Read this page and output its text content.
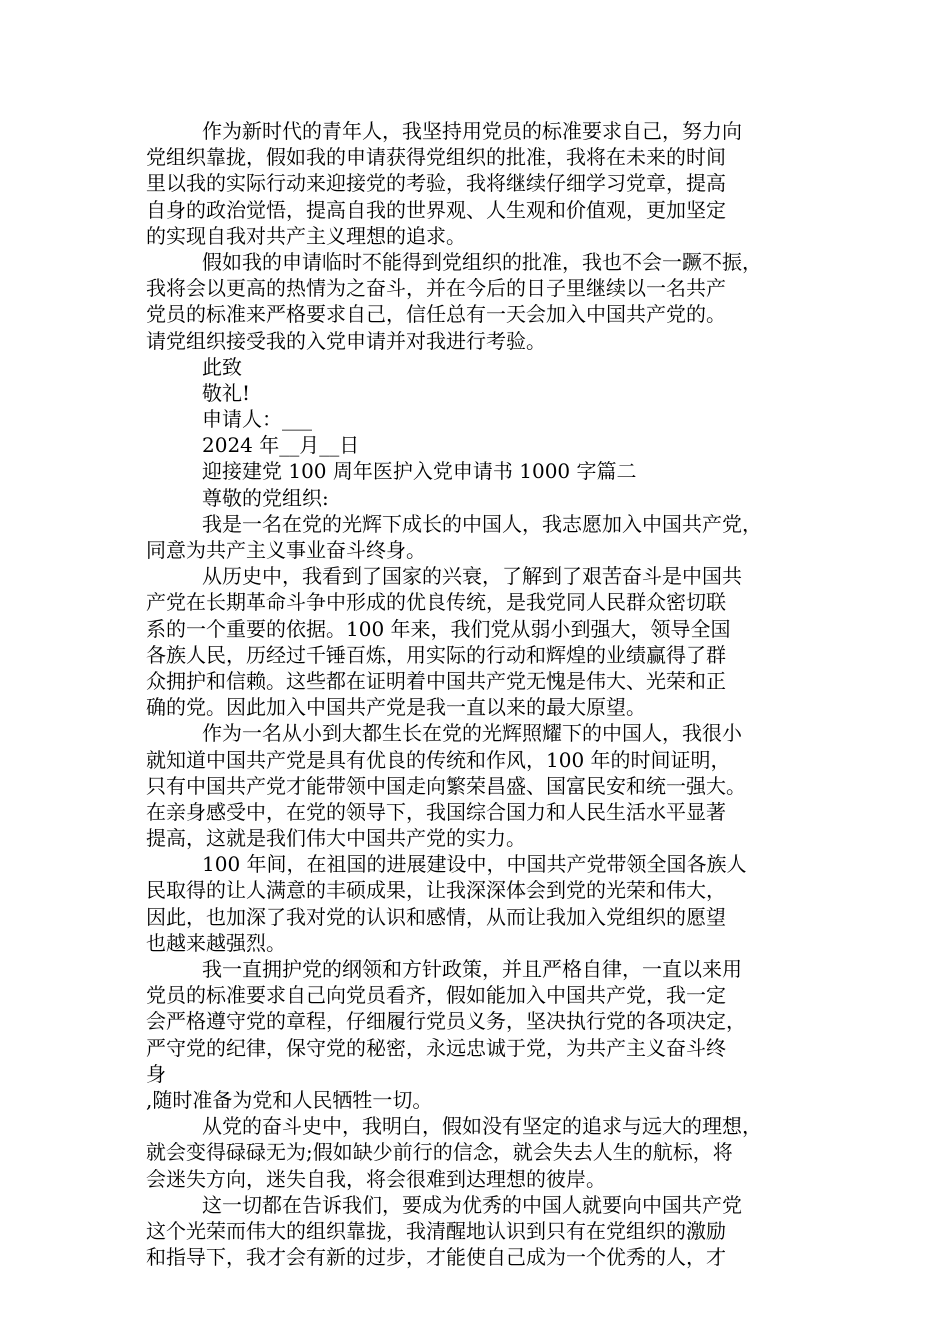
作为新时代的青年人，我坚持用党员的标准要求自己，努力向
党组织靠拢，假如我的申请获得党组织的批准，我将在未来的时间
里以我的实际行动来迎接党的考验，我将继续仔细学习党章，提高
自身的政治觉悟，提高自我的世界观、人生观和价值观，更加坚定
的实现自我对共产主义理想的追求。
假如我的申请临时不能得到党组织的批准，我也不会一蹶不振，
我将会以更高的热情为之奋斗，并在今后的日子里继续以一名共产
党员的标准来严格要求自己，信任总有一天会加入中国共产党的。
请党组织接受我的入党申请并对我进行考验。
此致
敬礼!
申请人：___
2024 年__月__日
迎接建党 100 周年医护入党申请书 1000 字篇二
尊敬的党组织:
我是一名在党的光辉下成长的中国人，我志愿加入中国共产党，
同意为共产主义事业奋斗终身。
从历史中，我看到了国家的兴衰，了解到了艰苦奋斗是中国共
产党在长期革命斗争中形成的优良传统，是我党同人民群众密切联
系的一个重要的依据。100 年来，我们党从弱小到强大，领导全国
各族人民，历经过千锤百炼，用实际的行动和辉煌的业绩赢得了群
众拥护和信赖。这些都在证明着中国共产党无愧是伟大、光荣和正
确的党。因此加入中国共产党是我一直以来的最大原望。
作为一名从小到大都生长在党的光辉照耀下的中国人，我很小
就知道中国共产党是具有优良的传统和作风，100 年的时间证明，
只有中国共产党才能带领中国走向繁荣昌盛、国富民安和统一强大。
在亲身感受中，在党的领导下，我国综合国力和人民生活水平显著
提高，这就是我们伟大中国共产党的实力。
100 年间，在祖国的进展建设中，中国共产党带领全国各族人
民取得的让人满意的丰硕成果，让我深深体会到党的光荣和伟大，
因此，也加深了我对党的认识和感情，从而让我加入党组织的愿望
也越来越强烈。
我一直拥护党的纲领和方针政策，并且严格自律，一直以来用
党员的标准要求自己向党员看齐，假如能加入中国共产党，我一定
会严格遵守党的章程，仔细履行党员义务，坚决执行党的各项决定，
严守党的纪律，保守党的秘密，永远忠诚于党，为共产主义奋斗终
身
,随时准备为党和人民牺牲一切。
从党的奋斗史中，我明白，假如没有坚定的追求与远大的理想，
就会变得碌碌无为;假如缺少前行的信念，就会失去人生的航标，将
会迷失方向，迷失自我，将会很难到达理想的彼岸。
这一切都在告诉我们，要成为优秀的中国人就要向中国共产党
这个光荣而伟大的组织靠拢，我清醒地认识到只有在党组织的激励
和指导下，我才会有新的过步，才能使自己成为一个优秀的人，才
